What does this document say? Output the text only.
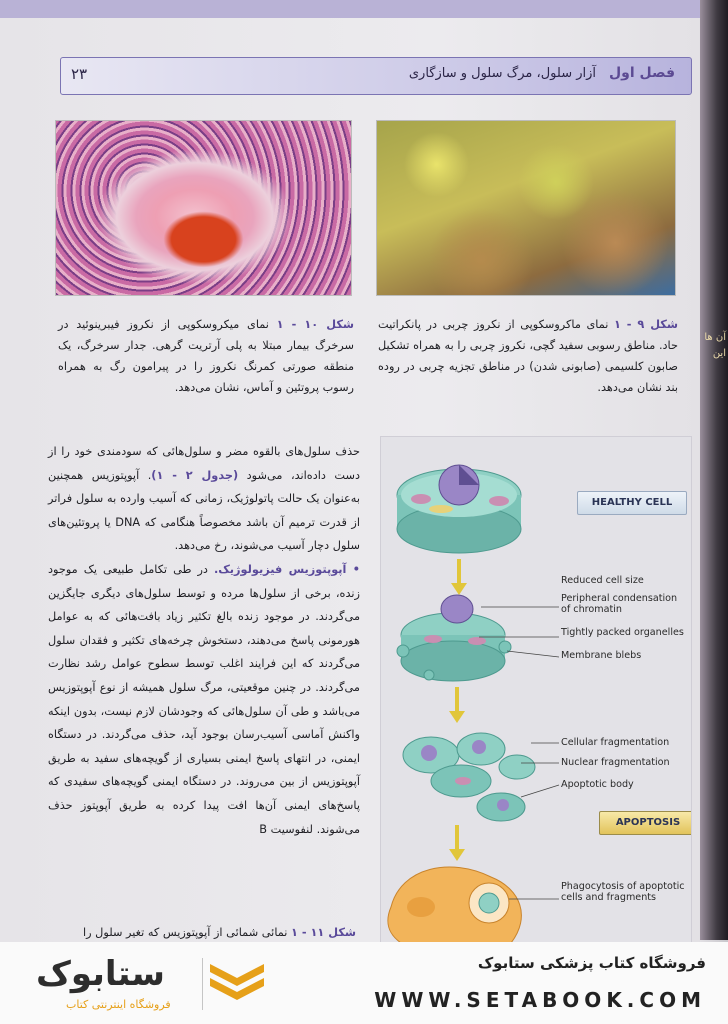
آن ها این
فصل اول
آزار سلول، مرگ سلول و سازگاری
۲۳
شکل ۱۰ - ۱ نمای میکروسکوپی از نکروز فیبرینوئید در سرخرگ بیمار مبتلا به پلی آرتریت گرهی. جدار سرخرگ، یک منطقه صورتی کمرنگ نکروز را در پیرامون رگ به همراه رسوب پروتئین و آماس، نشان می‌دهد.
شکل ۹ - ۱ نمای ماکروسکوپی از نکروز چربی در پانکراتیت حاد. مناطق رسوبی سفید گچی، نکروز چربی را به همراه تشکیل صابون کلسیمی (صابونی شدن) در مناطق تجزیه چربی در روده بند نشان می‌دهد.
حذف سلول‌های بالقوه مضر و سلول‌هائی که سودمندی خود را از دست داده‌اند، می‌شود (جدول ۲ - ۱). آپوپتوزیس همچنین به‌عنوان یک حالت پاتولوژیک، زمانی که آسیب وارده به سلول فراتر از قدرت ترمیم آن باشد مخصوصاً هنگامی که DNA یا پروتئین‌های سلول دچار آسیب می‌شوند، رخ می‌دهد.
• آپوپتوزیس فیزیولوژیک. در طی تکامل طبیعی یک موجود زنده، برخی از سلول‌ها مرده و توسط سلول‌های دیگری جایگزین می‌گردند. در موجود زنده بالغ تکثیر زیاد بافت‌هائی که به عوامل هورمونی پاسخ می‌دهند، دستخوش چرخه‌های تکثیر و فقدان سلول می‌گردند که این فرایند اغلب توسط سطوح عوامل رشد نظارت می‌گردند. در چنین موقعیتی، مرگ سلول همیشه از نوع آپوپتوزیس می‌باشد و طی آن سلول‌هائی که وجودشان لازم نیست، بدون اینکه واکنش آماسی آسیب‌رسان بوجود آید، حذف می‌گردند. در دستگاه ایمنی، در انتهای پاسخ ایمنی بسیاری از گویچه‌های سفید به طریق آپوپتوزیس از بین می‌روند. در دستگاه ایمنی گویچه‌های سفیدی که پاسخ‌های ایمنی آن‌ها افت پیدا کرده به طریق آپوپتوز حذف می‌شوند. لنفوسیت B
شکل ۱۱ - ۱ نمائی شمائی از آپوپتوزیس که تغیر سلول را
HEALTHY CELL
APOPTOSIS
Reduced cell size
Peripheral condensation of chromatin
Tightly packed organelles
Membrane blebs
Cellular fragmentation
Nuclear fragmentation
Apoptotic body
Phagocytosis of apoptotic cells and fragments
ستابوک
فروشگاه اینترنتی کتاب
فروشگاه کتاب پزشکی ستابوک
WWW.SETABOOK.COM
